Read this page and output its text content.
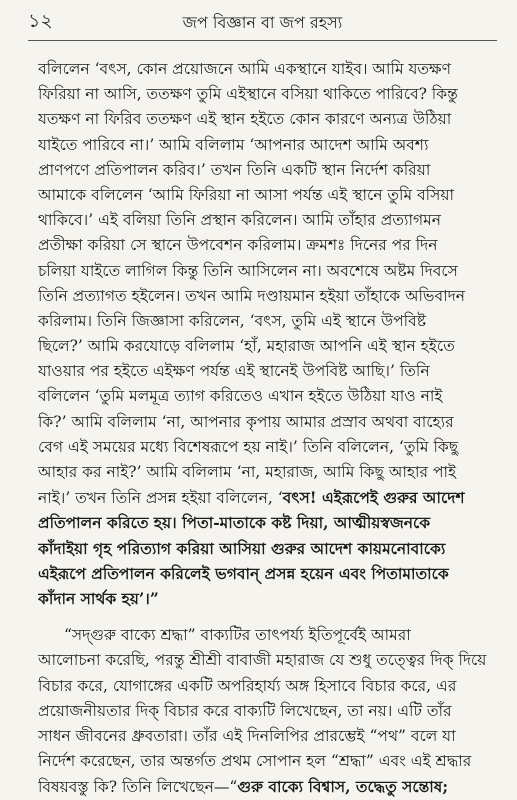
১২	জপ বিজ্ঞান বা জপ রহস্য
বলিলেন ‘বৎস, কোন প্রয়োজনে আমি একস্থানে যাইব। আমি যতক্ষণ
ফিরিয়া না আসি, ততক্ষণ তুমি এইস্থানে বসিয়া থাকিতে পারিবে? কিন্তু
যতক্ষণ না ফিরিব ততক্ষণ এই স্থান হইতে কোন কারণে অন্যত্র উঠিয়া
যাইতে পারিবে না।’ আমি বলিলাম ‘আপনার আদেশ আমি অবশ্য
প্রাণপণে প্রতিপালন করিব।’ তখন তিনি একটি স্থান নির্দেশ করিয়া
আমাকে বলিলেন ‘আমি ফিরিয়া না আসা পর্যন্ত এই স্থানে তুমি বসিয়া
থাকিবে।’ এই বলিয়া তিনি প্রস্থান করিলেন। আমি তাঁহার প্রত্যাগমন
প্রতীক্ষা করিয়া সে স্থানে উপবেশন করিলাম। ক্রমশঃ দিনের পর দিন
চলিয়া যাইতে লাগিল কিন্তু তিনি আসিলেন না। অবশেষে অষ্টম দিবসে
তিনি প্রত্যাগত হইলেন। তখন আমি দণ্ডায়মান হইয়া তাঁহাকে অভিবাদন
করিলাম। তিনি জিজ্ঞাসা করিলেন, ‘বৎস, তুমি এই স্থানে উপবিষ্ট
ছিলে?’ আমি করযোড়ে বলিলাম ‘হাঁ, মহারাজ আপনি এই স্থান হইতে
যাওয়ার পর হইতে এইক্ষণ পর্যন্ত এই স্থানেই উপবিষ্ট আছি।’ তিনি
বলিলেন ‘তুমি মলমূত্র ত্যাগ করিতেও এখান হইতে উঠিয়া যাও নাই
কি?’ আমি বলিলাম ‘না, আপনার কৃপায় আমার প্রস্রাব অথবা বাহ্যের
বেগ এই সময়ের মধ্যে বিশেষরূপে হয় নাই।’ তিনি বলিলেন, ‘তুমি কিছু
আহার কর নাই?’ আমি বলিলাম ‘না, মহারাজ, আমি কিছু আহার পাই
নাই।’ তখন তিনি প্রসন্ন হইয়া বলিলেন, ‘বৎস! এইরূপেই গুরুর আদেশ
প্রতিপালন করিতে হয়। পিতা-মাতাকে কষ্ট দিয়া, আত্মীয়স্বজনকে
কাঁদাইয়া গৃহ পরিত্যাগ করিয়া আসিয়া গুরুর আদেশ কায়মনোবাক্যে
এইরূপে প্রতিপালন করিলেই ভগবান্ প্রসন্ন হয়েন এবং পিতামাতাকে
কাঁদান সার্থক হয়’।”
“সদ্গুরু বাক্যে শ্রদ্ধা” বাক্যটির তাৎপর্য্য ইতিপূর্বেই আমরা
আলোচনা করেছি, পরন্তু শ্রীশ্রী বাবাজী মহারাজ যে শুধু তত্ত্বের দিক্ দিয়ে
বিচার করে, যোগাঙ্গের একটি অপরিহার্য্য অঙ্গ হিসাবে বিচার করে, এর
প্রয়োজনীয়তার দিক্ বিচার করে বাক্যটি লিখেছেন, তা নয়। এটি তাঁর
সাধন জীবনের ধ্রুবতারা। তাঁর এই দিনলিপির প্রারম্ভেই “পথ” বলে যা
নির্দেশ করেছেন, তার অন্তর্গত প্রথম সোপান হল “শ্রদ্ধা” এবং এই শ্রদ্ধার
বিষয়বস্তু কি? তিনি লিখেছেন—“গুরু বাক্যে বিশ্বাস, তদ্ধেতু সন্তোষ;
